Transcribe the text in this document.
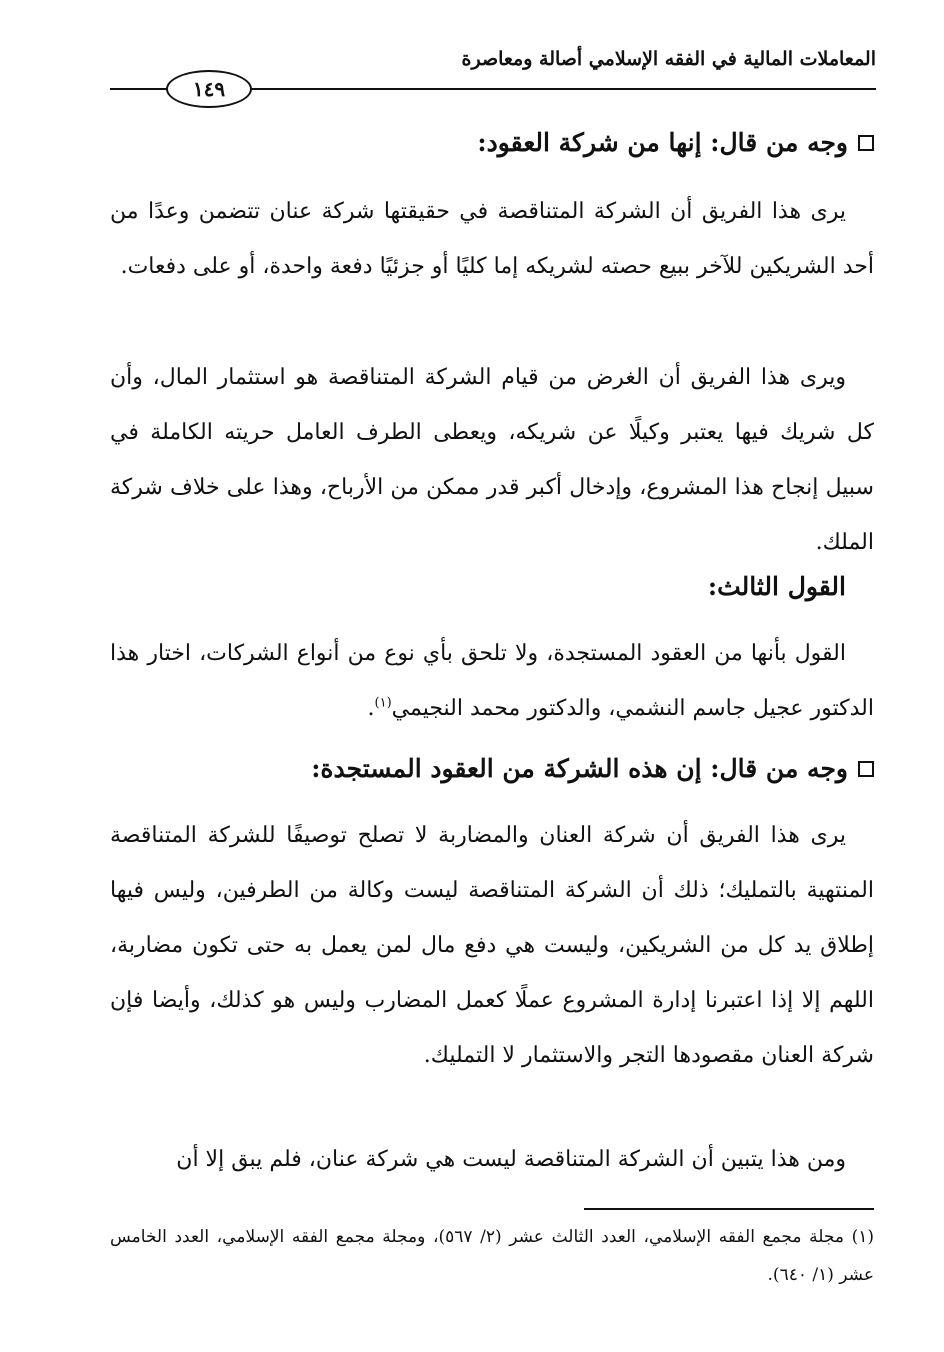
المعاملات المالية في الفقه الإسلامي أصالة ومعاصرة
١٤٩
وجه من قال: إنها من شركة العقود:
يرى هذا الفريق أن الشركة المتناقصة في حقيقتها شركة عنان تتضمن وعدًا من أحد الشريكين للآخر ببيع حصته لشريكه إما كليًا أو جزئيًا دفعة واحدة، أو على دفعات.
ويرى هذا الفريق أن الغرض من قيام الشركة المتناقصة هو استثمار المال، وأن كل شريك فيها يعتبر وكيلًا عن شريكه، ويعطى الطرف العامل حريته الكاملة في سبيل إنجاح هذا المشروع، وإدخال أكبر قدر ممكن من الأرباح، وهذا على خلاف شركة الملك.
القول الثالث:
القول بأنها من العقود المستجدة، ولا تلحق بأي نوع من أنواع الشركات، اختار هذا الدكتور عجيل جاسم النشمي، والدكتور محمد النجيمي$^{(١)}$.
وجه من قال: إن هذه الشركة من العقود المستجدة:
يرى هذا الفريق أن شركة العنان والمضاربة لا تصلح توصيفًا للشركة المتناقصة المنتهية بالتمليك؛ ذلك أن الشركة المتناقصة ليست وكالة من الطرفين، وليس فيها إطلاق يد كل من الشريكين، وليست هي دفع مال لمن يعمل به حتى تكون مضاربة، اللهم إلا إذا اعتبرنا إدارة المشروع عملًا كعمل المضارب وليس هو كذلك، وأيضا فإن شركة العنان مقصودها التجر والاستثمار لا التمليك.
ومن هذا يتبين أن الشركة المتناقصة ليست هي شركة عنان، فلم يبق إلا أن
(١) مجلة مجمع الفقه الإسلامي، العدد الثالث عشر (٢/ ٥٦٧)، ومجلة مجمع الفقه الإسلامي، العدد الخامس عشر (١/ ٦٤٠).
